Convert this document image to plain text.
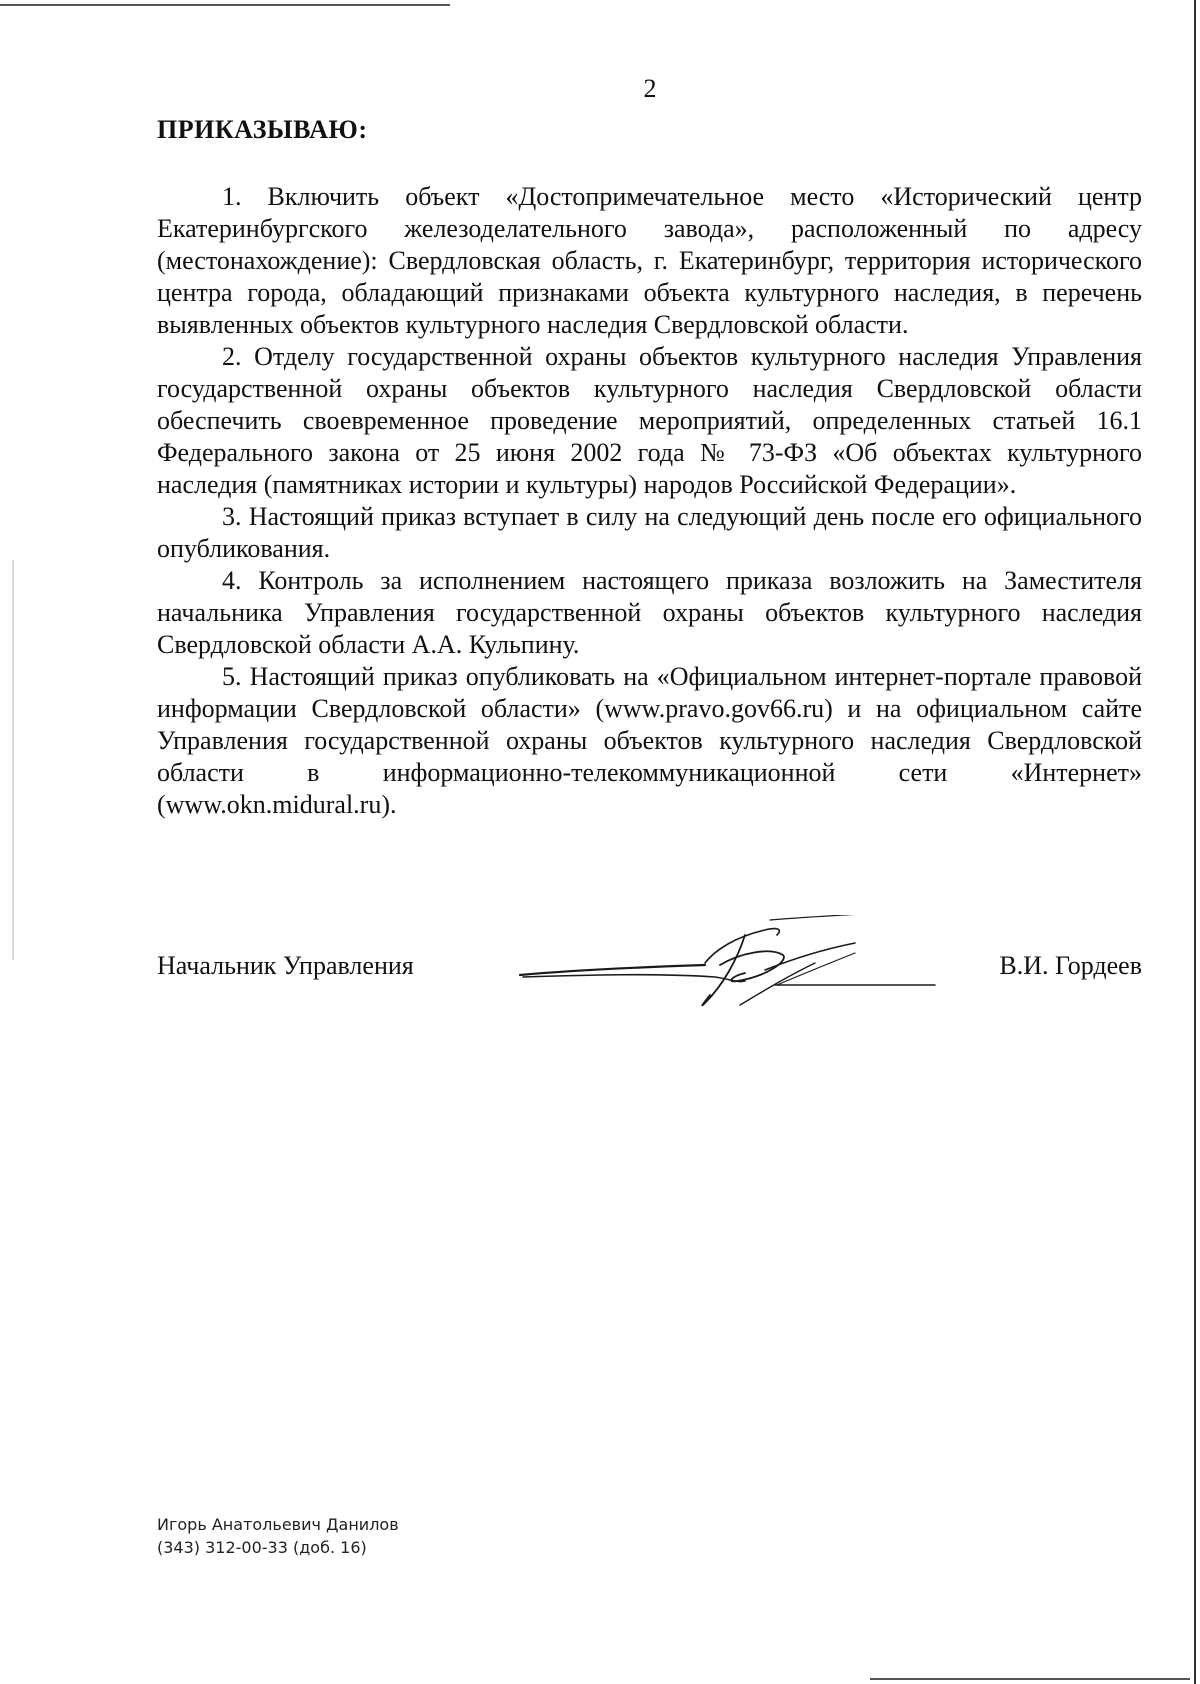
2
ПРИКАЗЫВАЮ:

1. Включить объект «Достопримечательное место «Исторический центр Екатеринбургского железоделательного завода», расположенный по адресу (местонахождение): Свердловская область, г. Екатеринбург, территория исторического центра города, обладающий признаками объекта культурного наследия, в перечень выявленных объектов культурного наследия Свердловской области.

2. Отделу государственной охраны объектов культурного наследия Управления государственной охраны объектов культурного наследия Свердловской области обеспечить своевременное проведение мероприятий, определенных статьей 16.1 Федерального закона от 25 июня 2002 года № 73-ФЗ «Об объектах культурного наследия (памятниках истории и культуры) народов Российской Федерации».

3. Настоящий приказ вступает в силу на следующий день после его официального опубликования.

4. Контроль за исполнением настоящего приказа возложить на Заместителя начальника Управления государственной охраны объектов культурного наследия Свердловской области А.А. Кульпину.

5. Настоящий приказ опубликовать на «Официальном интернет-портале правовой информации Свердловской области» (www.pravo.gov66.ru) и на официальном сайте Управления государственной охраны объектов культурного наследия Свердловской области в информационно-телекоммуникационной сети «Интернет» (www.okn.midural.ru).

Начальник Управления	В.И. Гордеев
Игорь Анатольевич Данилов
(343) 312-00-33 (доб. 16)
